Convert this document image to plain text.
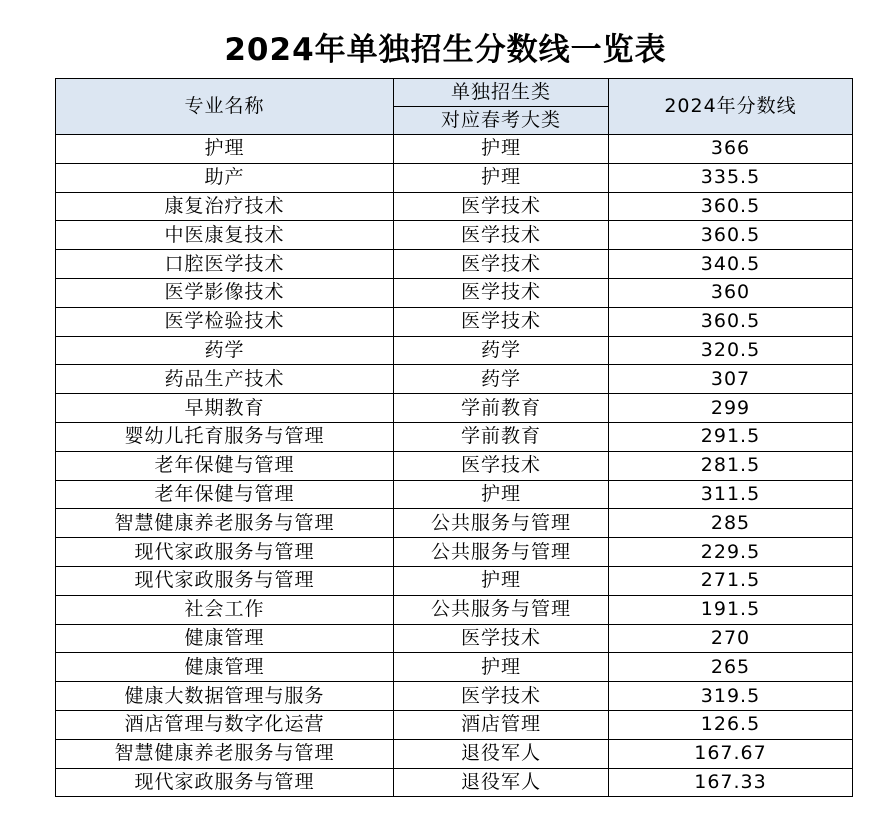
2024年单独招生分数线一览表
专业名称	单独招生类	2024年分数线
	对应春考大类	
护理	护理	366
助产	护理	335.5
康复治疗技术	医学技术	360.5
中医康复技术	医学技术	360.5
口腔医学技术	医学技术	340.5
医学影像技术	医学技术	360
医学检验技术	医学技术	360.5
药学	药学	320.5
药品生产技术	药学	307
早期教育	学前教育	299
婴幼儿托育服务与管理	学前教育	291.5
老年保健与管理	医学技术	281.5
老年保健与管理	护理	311.5
智慧健康养老服务与管理	公共服务与管理	285
现代家政服务与管理	公共服务与管理	229.5
现代家政服务与管理	护理	271.5
社会工作	公共服务与管理	191.5
健康管理	医学技术	270
健康管理	护理	265
健康大数据管理与服务	医学技术	319.5
酒店管理与数字化运营	酒店管理	126.5
智慧健康养老服务与管理	退役军人	167.67
现代家政服务与管理	退役军人	167.33
